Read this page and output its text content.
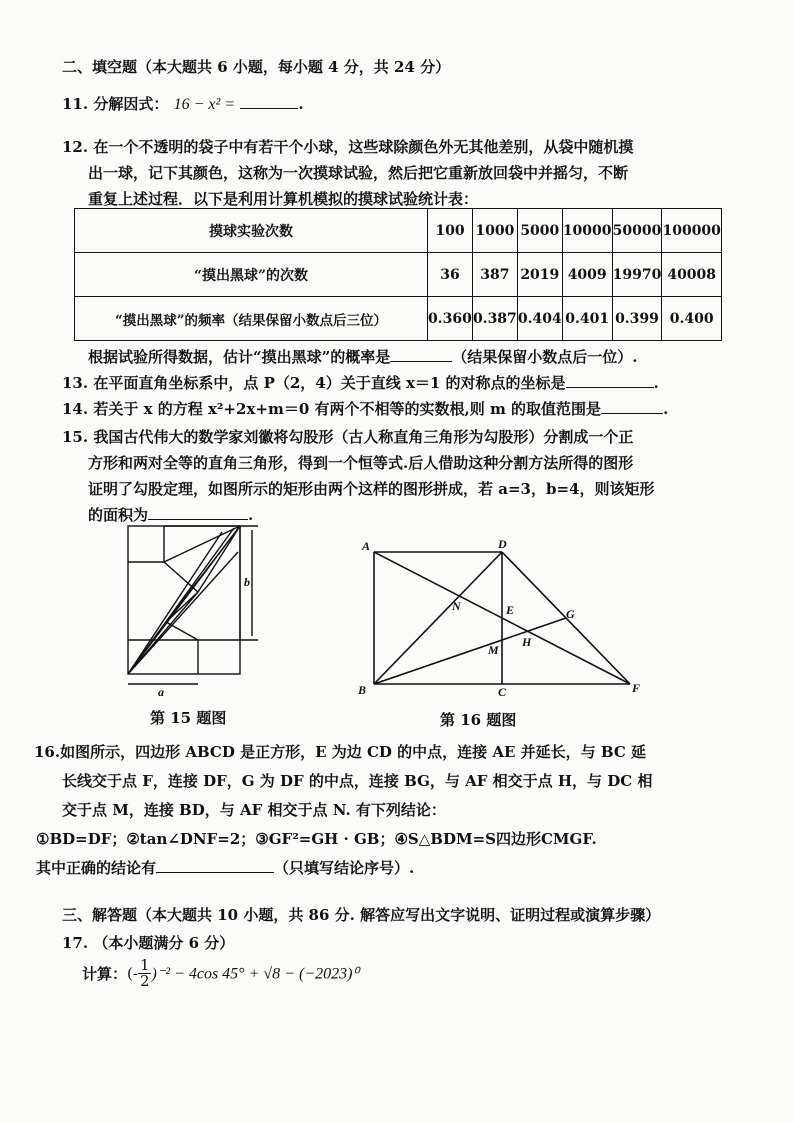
二、填空题（本大题共 6 小题，每小题 4 分，共 24 分）
11. 分解因式： 16 − x² =	.
12. 在一个不透明的袋子中有若干个小球，这些球除颜色外无其他差别，从袋中随机摸
出一球，记下其颜色，这称为一次摸球试验，然后把它重新放回袋中并摇匀，不断
重复上述过程．以下是利用计算机模拟的摸球试验统计表：
摸球实验次数	100	1000	5000	10000	50000	100000
“摸出黑球”的次数	36	387	2019	4009	19970	40008
“摸出黑球”的频率（结果保留小数点后三位）	0.360	0.387	0.404	0.401	0.399	0.400
根据试验所得数据，估计“摸出黑球”的概率是	（结果保留小数点后一位）.
13. 在平面直角坐标系中，点 P（2，4）关于直线 x＝1 的对称点的坐标是	.
14. 若关于 x 的方程 x²+2x+m＝0 有两个不相等的实数根,则 m 的取值范围是	.
15. 我国古代伟大的数学家刘徽将勾股形（古人称直角三角形为勾股形）分割成一个正
方形和两对全等的直角三角形，得到一个恒等式.后人借助这种分割方法所得的图形
证明了勾股定理，如图所示的矩形由两个这样的图形拼成，若 a=3，b=4，则该矩形
的面积为	.
b
a
第 15 题图
A	D
B	C	F
E	G
H
M
N
第 16 题图
16.如图所示，四边形 ABCD 是正方形，E 为边 CD 的中点，连接 AE 并延长，与 BC 延
长线交于点 F，连接 DF，G 为 DF 的中点，连接 BG，与 AF 相交于点 H，与 DC 相
交于点 M，连接 BD，与 AF 相交于点 N. 有下列结论：
①BD=DF；②tan∠DNF=2；③GF²=GH · GB；④S△BDM=S四边形CMGF.
其中正确的结论有	（只填写结论序号）.
三、解答题（本大题共 10 小题，共 86 分. 解答应写出文字说明、证明过程或演算步骤）
17. （本小题满分 6 分）
计算：(- $\frac{1}{2} )^{-2} - 4\cos$ 45° + √8 − (−2023)⁰
